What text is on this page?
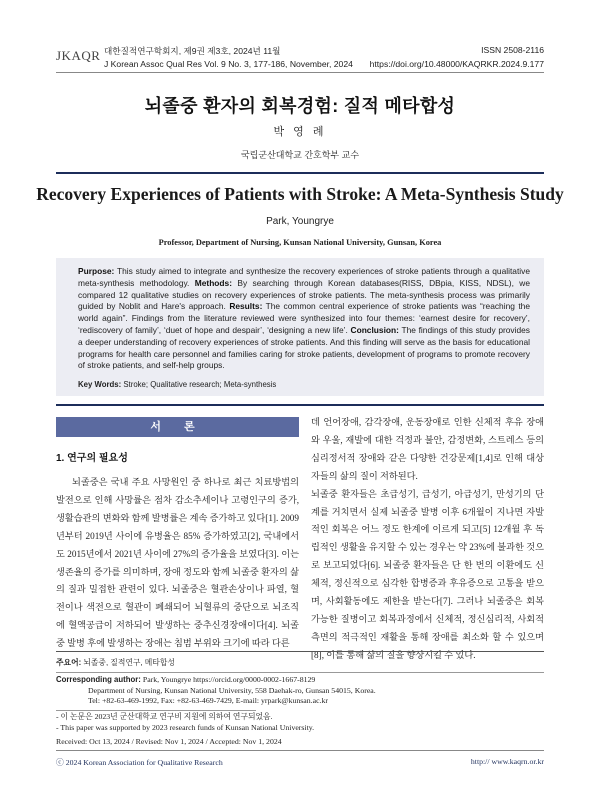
JKAQR 대한질적연구학회지, 제9권 제3호, 2024년 11월
J Korean Assoc Qual Res Vol. 9 No. 3, 177-186, November, 2024
ISSN 2508-2116
https://doi.org/10.48000/KAQRKR.2024.9.177
뇌졸중 환자의 회복경험: 질적 메타합성
박 영 례
국립군산대학교 간호학부 교수
Recovery Experiences of Patients with Stroke: A Meta-Synthesis Study
Park, Youngrye
Professor, Department of Nursing, Kunsan National University, Gunsan, Korea

Purpose: This study aimed to integrate and synthesize the recovery experiences of stroke patients through a qualitative meta-synthesis methodology. Methods: By searching through Korean databases(RISS, DBpia, KISS, NDSL), we compared 12 qualitative studies on recovery experiences of stroke patients. The meta-synthesis process was primarily guided by Noblit and Hare's approach. Results: The common central experience of stroke patients was “reaching the world again”. Findings from the literature reviewed were synthesized into four themes: ‘earnest desire for recovery’, ‘rediscovery of family’, ‘duet of hope and despair’, ‘designing a new life’. Conclusion: The findings of this study provides a deeper understanding of recovery experiences of stroke patients. And this finding will serve as the basis for educational programs for health care personnel and families caring for stroke patients, development of programs to promote recovery of stroke patients, and self-help groups.

Key Words: Stroke; Qualitative research; Meta-synthesis
서 론
1. 연구의 필요성

뇌졸중은 국내 주요 사망원인 중 하나로 최근 치료방법의 발전으로 인해 사망률은 점차 감소추세이나 고령인구의 증가, 생활습관의 변화와 함께 발병률은 계속 증가하고 있다[1]. 2009년부터 2019년 사이에 유병율은 85% 증가하였고[2], 국내에서도 2015년에서 2021년 사이에 27%의 증가율을 보였다[3]. 이는 생존율의 증가를 의미하며, 장애 정도와 함께 뇌졸중 환자의 삶의 질과 밀접한 관련이 있다. 뇌졸중은 혈관손상이나 파열, 혈전이나 색전으로 혈관이 폐쇄되어 뇌혈류의 중단으로 뇌조직에 혈액공급이 저하되어 발생하는 중추신경장애이다[4]. 뇌졸중 발병 후에 발생하는 장애는 침범 부위와 크기에 따라 다른

데 언어장애, 감각장애, 운동장애로 인한 신체적 후유 장애와 우울, 재발에 대한 걱정과 불안, 감정변화, 스트레스 등의 심리정서적 장애와 같은 다양한 건강문제[1,4]로 인해 대상자들의 삶의 질이 저하된다.
뇌졸중 환자들은 초급성기, 급성기, 아급성기, 만성기의 단계를 거치면서 실제 뇌졸중 발병 이후 6개월이 지나면 자발적인 회복은 어느 정도 한계에 이르게 되고[5] 12개월 후 독립적인 생활을 유지할 수 있는 경우는 약 23%에 불과한 것으로 보고되었다[6]. 뇌졸중 환자들은 단 한 번의 이환에도 신체적, 정신적으로 심각한 합병증과 후유증으로 고통을 받으며, 사회활동에도 제한을 받는다[7]. 그러나 뇌졸중은 회복 가능한 질병이고 회복과정에서 신체적, 정신심리적, 사회적 측면의 적극적인 재활을 통해 장애를 최소화 할 수 있으며[8], 이를 통해 삶의 질을 향상시킬 수 있다.

주요어: 뇌졸중, 질적연구, 메타합성
Corresponding author: Park, Youngrye https://orcid.org/0000-0002-1667-8129
Department of Nursing, Kunsan National University, 558 Daehak-ro, Gunsan 54015, Korea.
Tel: +82-63-469-1992, Fax: +82-63-469-7429, E-mail: yrpark@kunsan.ac.kr
- 이 논문은 2023년 군산대학교 연구비 지원에 의하여 연구되었음.
- This paper was supported by 2023 research funds of Kunsan National University.
Received: Oct 13, 2024 / Revised: Nov 1, 2024 / Accepted: Nov 1, 2024
ⓒ 2024 Korean Association for Qualitative Research	http:// www.kaqrn.or.kr
